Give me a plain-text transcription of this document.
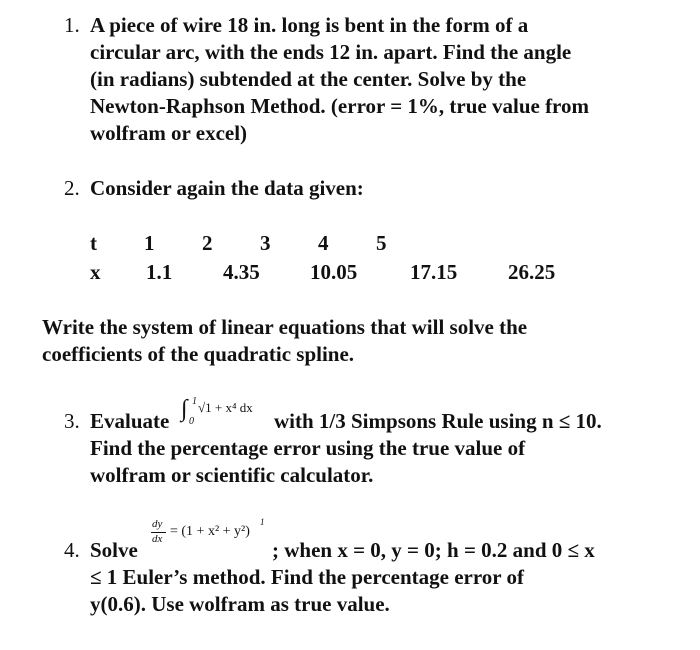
1. A piece of wire 18 in. long is bent in the form of a
circular arc, with the ends 12 in. apart. Find the angle
(in radians) subtended at the center. Solve by the
Newton-Raphson Method. (error = 1%, true value from
wolfram or excel)
2. Consider again the data given:
t 1 2 3 4 5
x 1.1 4.35 10.05	17.15 26.25
Write the system of linear equations that will solve the
coefficients of the quadratic spline.
3. Evaluate ∫ 1
0
√1 + x⁴ dx
with 1/3 Simpsons Rule using n ≤ 10.
Find the percentage error using the true value of
wolfram or scientific calculator.
4. Solve
dy
dx = (1 + x² + y²)
1
; when x = 0, y = 0; h = 0.2 and 0 ≤ x
≤ 1 Euler’s method. Find the percentage error of
y(0.6). Use wolfram as true value.
